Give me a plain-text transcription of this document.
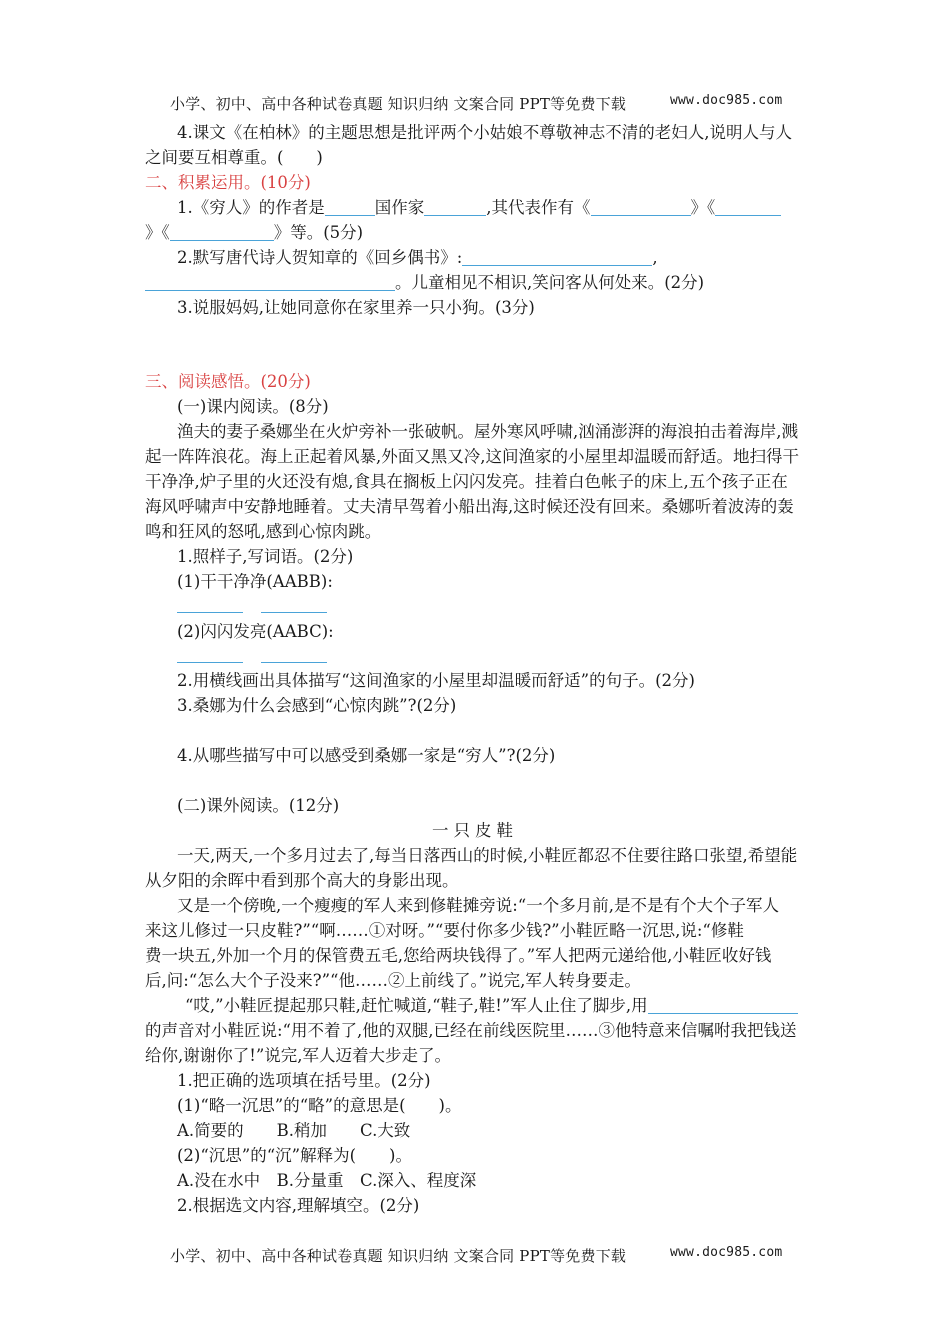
小学、初中、高中各种试卷真题 知识归纳 文案合同 PPT等免费下载	www.doc985.com
4.课文《在柏林》的主题思想是批评两个小姑娘不尊敬神志不清的老妇人,说明人与人
之间要互相尊重。(　　)
二、积累运用。(10分)
1.《穷人》的作者是	国作家	,其代表作有《	》《
》《	》等。(5分)
2.默写唐代诗人贺知章的《回乡偶书》:	,
。儿童相见不相识,笑问客从何处来。(2分)
3.说服妈妈,让她同意你在家里养一只小狗。(3分)
三、阅读感悟。(20分)
(一)课内阅读。(8分)
渔夫的妻子桑娜坐在火炉旁补一张破帆。屋外寒风呼啸,汹涌澎湃的海浪拍击着海岸,溅
起一阵阵浪花。海上正起着风暴,外面又黑又冷,这间渔家的小屋里却温暖而舒适。地扫得干
干净净,炉子里的火还没有熄,食具在搁板上闪闪发亮。挂着白色帐子的床上,五个孩子正在
海风呼啸声中安静地睡着。丈夫清早驾着小船出海,这时候还没有回来。桑娜听着波涛的轰
鸣和狂风的怒吼,感到心惊肉跳。
1.照样子,写词语。(2分)
(1)干干净净(AABB):
(2)闪闪发亮(AABC):
2.用横线画出具体描写“这间渔家的小屋里却温暖而舒适”的句子。(2分)
3.桑娜为什么会感到“心惊肉跳”?(2分)
4.从哪些描写中可以感受到桑娜一家是“穷人”?(2分)
(二)课外阅读。(12分)
一只皮鞋
一天,两天,一个多月过去了,每当日落西山的时候,小鞋匠都忍不住要往路口张望,希望能
从夕阳的余晖中看到那个高大的身影出现。
又是一个傍晚,一个瘦瘦的军人来到修鞋摊旁说:“一个多月前,是不是有个大个子军人
来这儿修过一只皮鞋?”“啊……①对呀。”“要付你多少钱?”小鞋匠略一沉思,说:“修鞋
费一块五,外加一个月的保管费五毛,您给两块钱得了。”军人把两元递给他,小鞋匠收好钱
后,问:“怎么大个子没来?”“他……②上前线了。”说完,军人转身要走。
“哎,”小鞋匠提起那只鞋,赶忙喊道,“鞋子,鞋!”军人止住了脚步,用
的声音对小鞋匠说:“用不着了,他的双腿,已经在前线医院里……③他特意来信嘱咐我把钱送
给你,谢谢你了!”说完,军人迈着大步走了。
1.把正确的选项填在括号里。(2分)
(1)“略一沉思”的“略”的意思是(　　)。
A.简要的　　B.稍加　　C.大致
(2)“沉思”的“沉”解释为(　　)。
A.没在水中　B.分量重　C.深入、程度深
2.根据选文内容,理解填空。(2分)
小学、初中、高中各种试卷真题 知识归纳 文案合同 PPT等免费下载	www.doc985.com
